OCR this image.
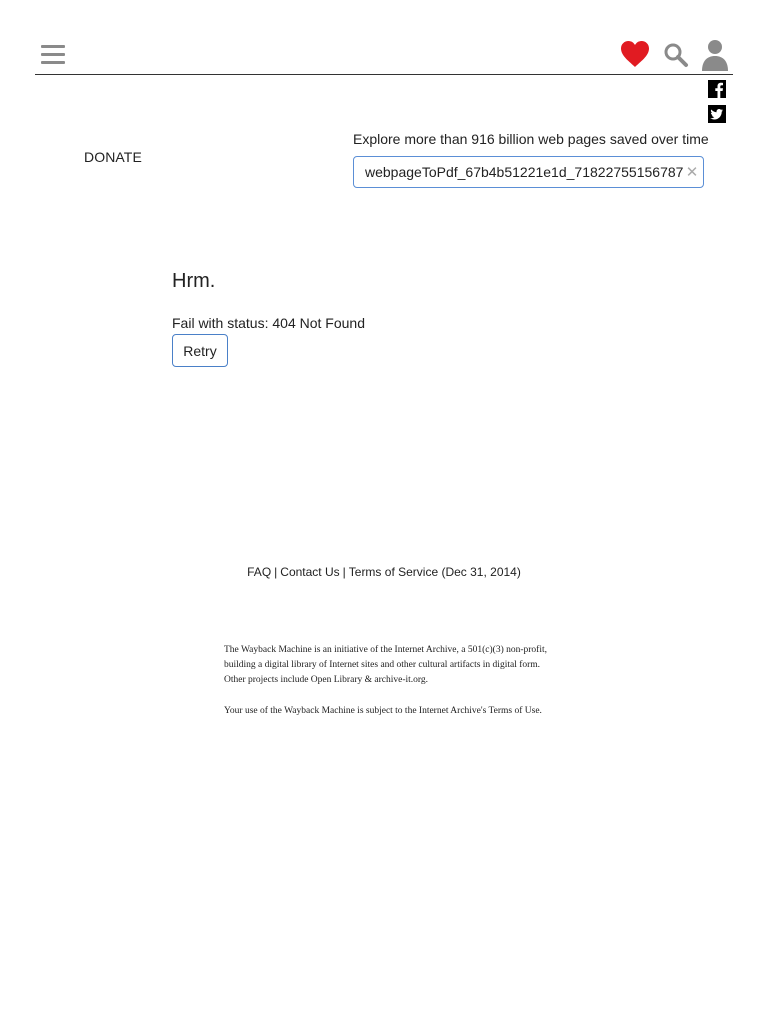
DONATE
Explore more than 916 billion web pages saved over time
webpageToPdf_67b4b51221e1d_71822755156787799
✕
Hrm.
Fail with status: 404 Not Found
Retry
FAQ | Contact Us | Terms of Service (Dec 31, 2014)

The Wayback Machine is an initiative of the Internet Archive, a 501(c)(3) non-profit,
building a digital library of Internet sites and other cultural artifacts in digital form.
Other projects include Open Library & archive-it.org.

Your use of the Wayback Machine is subject to the Internet Archive's Terms of Use.
